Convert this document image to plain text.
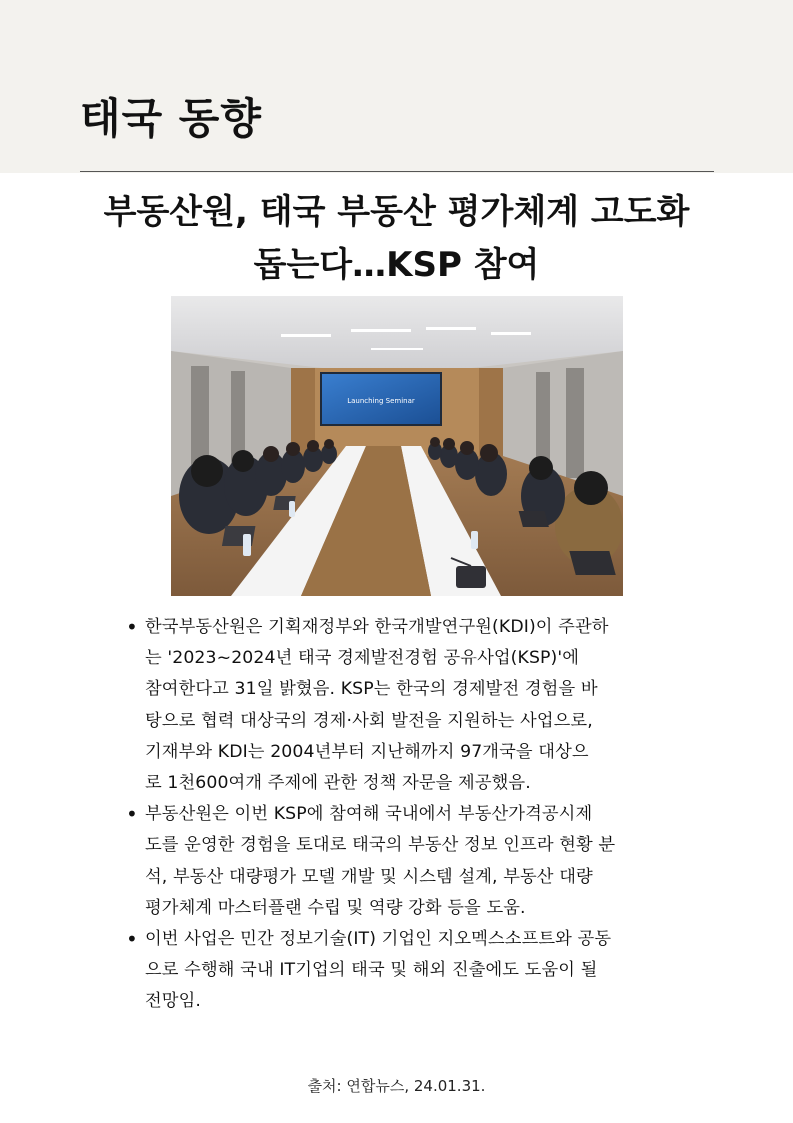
태국 동향
부동산원, 태국 부동산 평가체계 고도화
돕는다…KSP 참여
Launching Seminar
• 한국부동산원은 기획재정부와 한국개발연구원(KDI)이 주관하
는 '2023~2024년 태국 경제발전경험 공유사업(KSP)'에
참여한다고 31일 밝혔음. KSP는 한국의 경제발전 경험을 바
탕으로 협력 대상국의 경제·사회 발전을 지원하는 사업으로,
기재부와 KDI는 2004년부터 지난해까지 97개국을 대상으
로 1천600여개 주제에 관한 정책 자문을 제공했음.
• 부동산원은 이번 KSP에 참여해 국내에서 부동산가격공시제
도를 운영한 경험을 토대로 태국의 부동산 정보 인프라 현황 분
석, 부동산 대량평가 모델 개발 및 시스템 설계, 부동산 대량
평가체계 마스터플랜 수립 및 역량 강화 등을 도움.
• 이번 사업은 민간 정보기술(IT) 기업인 지오멕스소프트와 공동
으로 수행해 국내 IT기업의 태국 및 해외 진출에도 도움이 될
전망임.
출처: 연합뉴스, 24.01.31.
